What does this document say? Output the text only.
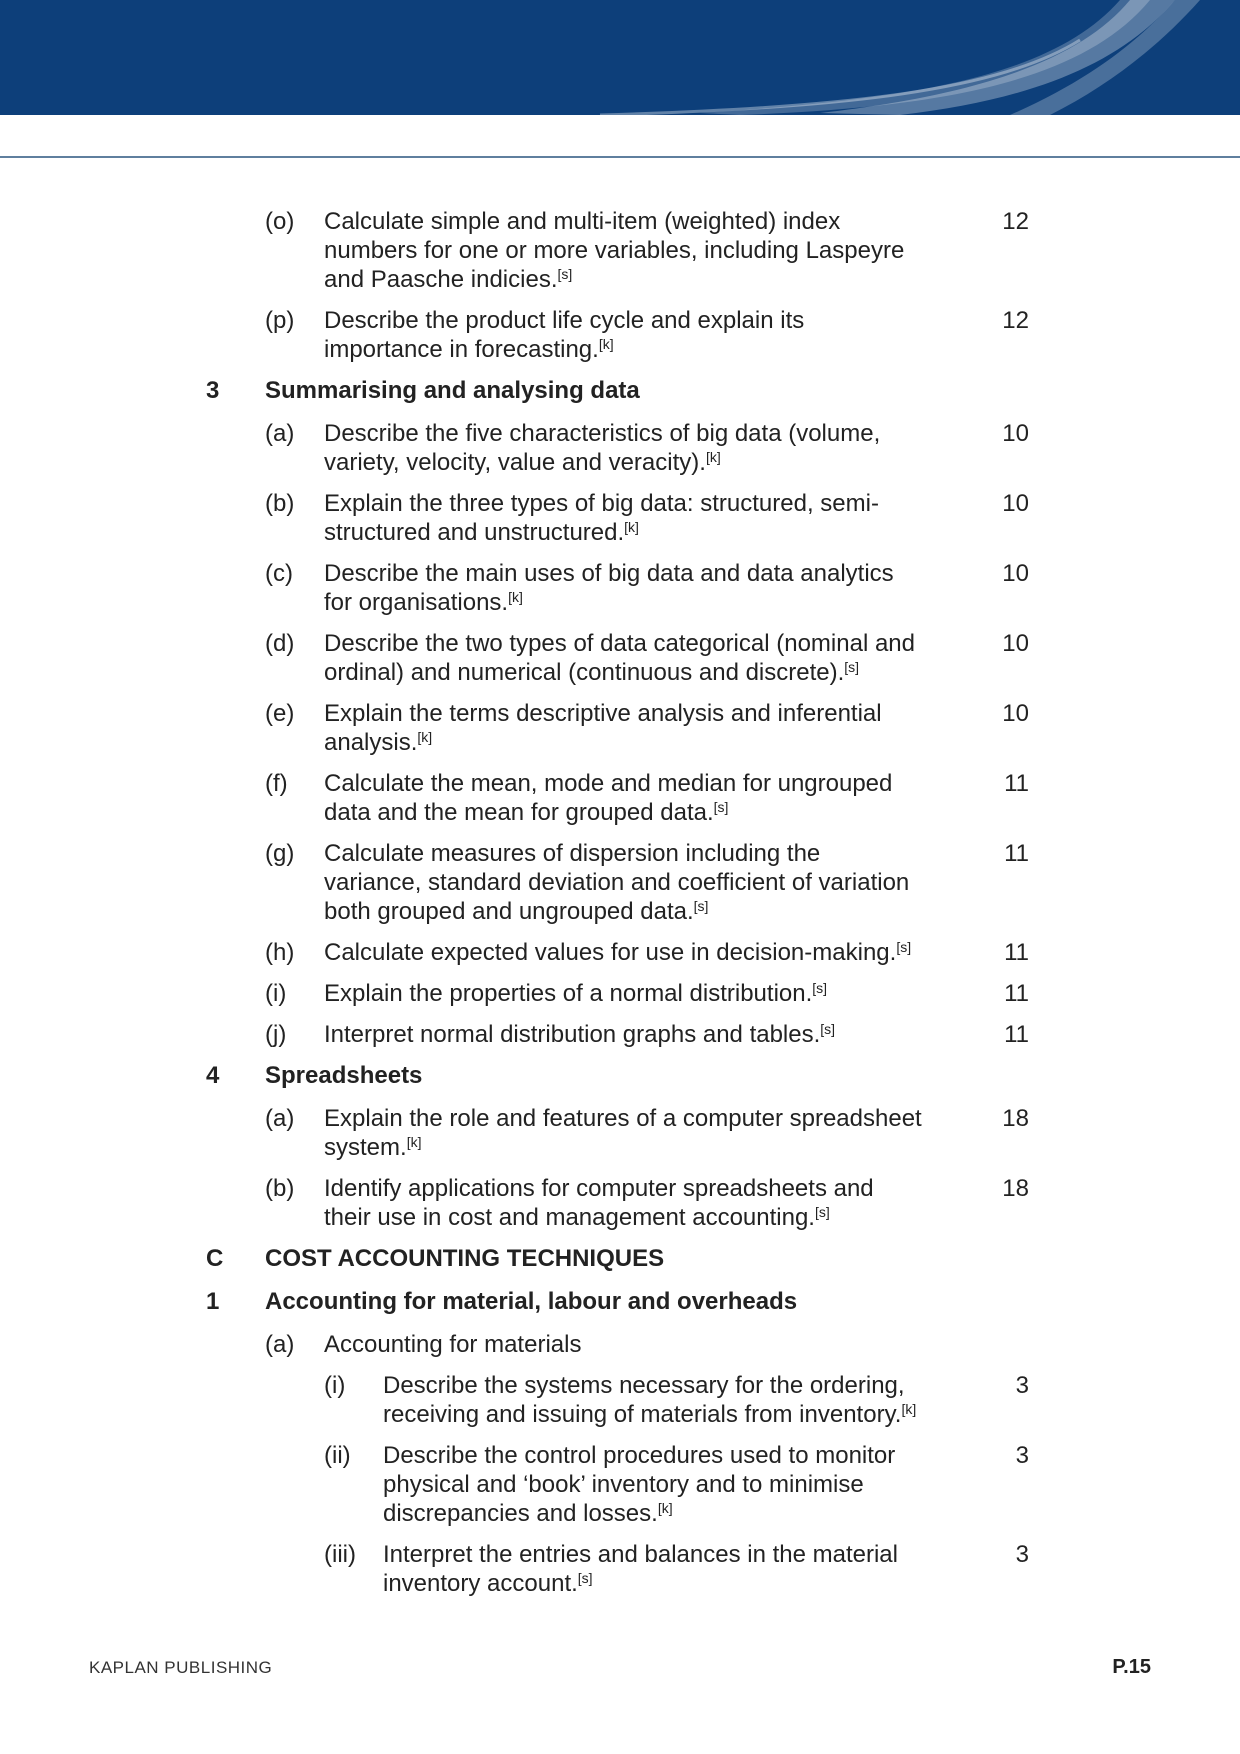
(o) Calculate simple and multi-item (weighted) index numbers for one or more variables, including Laspeyre and Paasche indicies.[s]
12
(p) Describe the product life cycle and explain its importance in forecasting.[k]
12
3 Summarising and analysing data
(a) Describe the five characteristics of big data (volume, variety, velocity, value and veracity).[k]
10
(b) Explain the three types of big data: structured, semi-structured and unstructured.[k]
10
(c) Describe the main uses of big data and data analytics for organisations.[k]
10
(d) Describe the two types of data categorical (nominal and ordinal) and numerical (continuous and discrete).[s]
10
(e) Explain the terms descriptive analysis and inferential analysis.[k]
10
(f) Calculate the mean, mode and median for ungrouped data and the mean for grouped data.[s]
11
(g) Calculate measures of dispersion including the variance, standard deviation and coefficient of variation both grouped and ungrouped data.[s]
11
(h) Calculate expected values for use in decision-making.[s]	11
(i) Explain the properties of a normal distribution.[s]	11
(j) Interpret normal distribution graphs and tables.[s]	11
4 Spreadsheets
(a) Explain the role and features of a computer spreadsheet system.[k]
18
(b) Identify applications for computer spreadsheets and their use in cost and management accounting.[s]
18
C COST ACCOUNTING TECHNIQUES
1 Accounting for material, labour and overheads
(a) Accounting for materials
(i) Describe the systems necessary for the ordering, receiving and issuing of materials from inventory.[k]
3
(ii) Describe the control procedures used to monitor physical and ‘book’ inventory and to minimise discrepancies and losses.[k]
3
(iii) Interpret the entries and balances in the material inventory account.[s]
3
KAPLAN PUBLISHING	P.15
